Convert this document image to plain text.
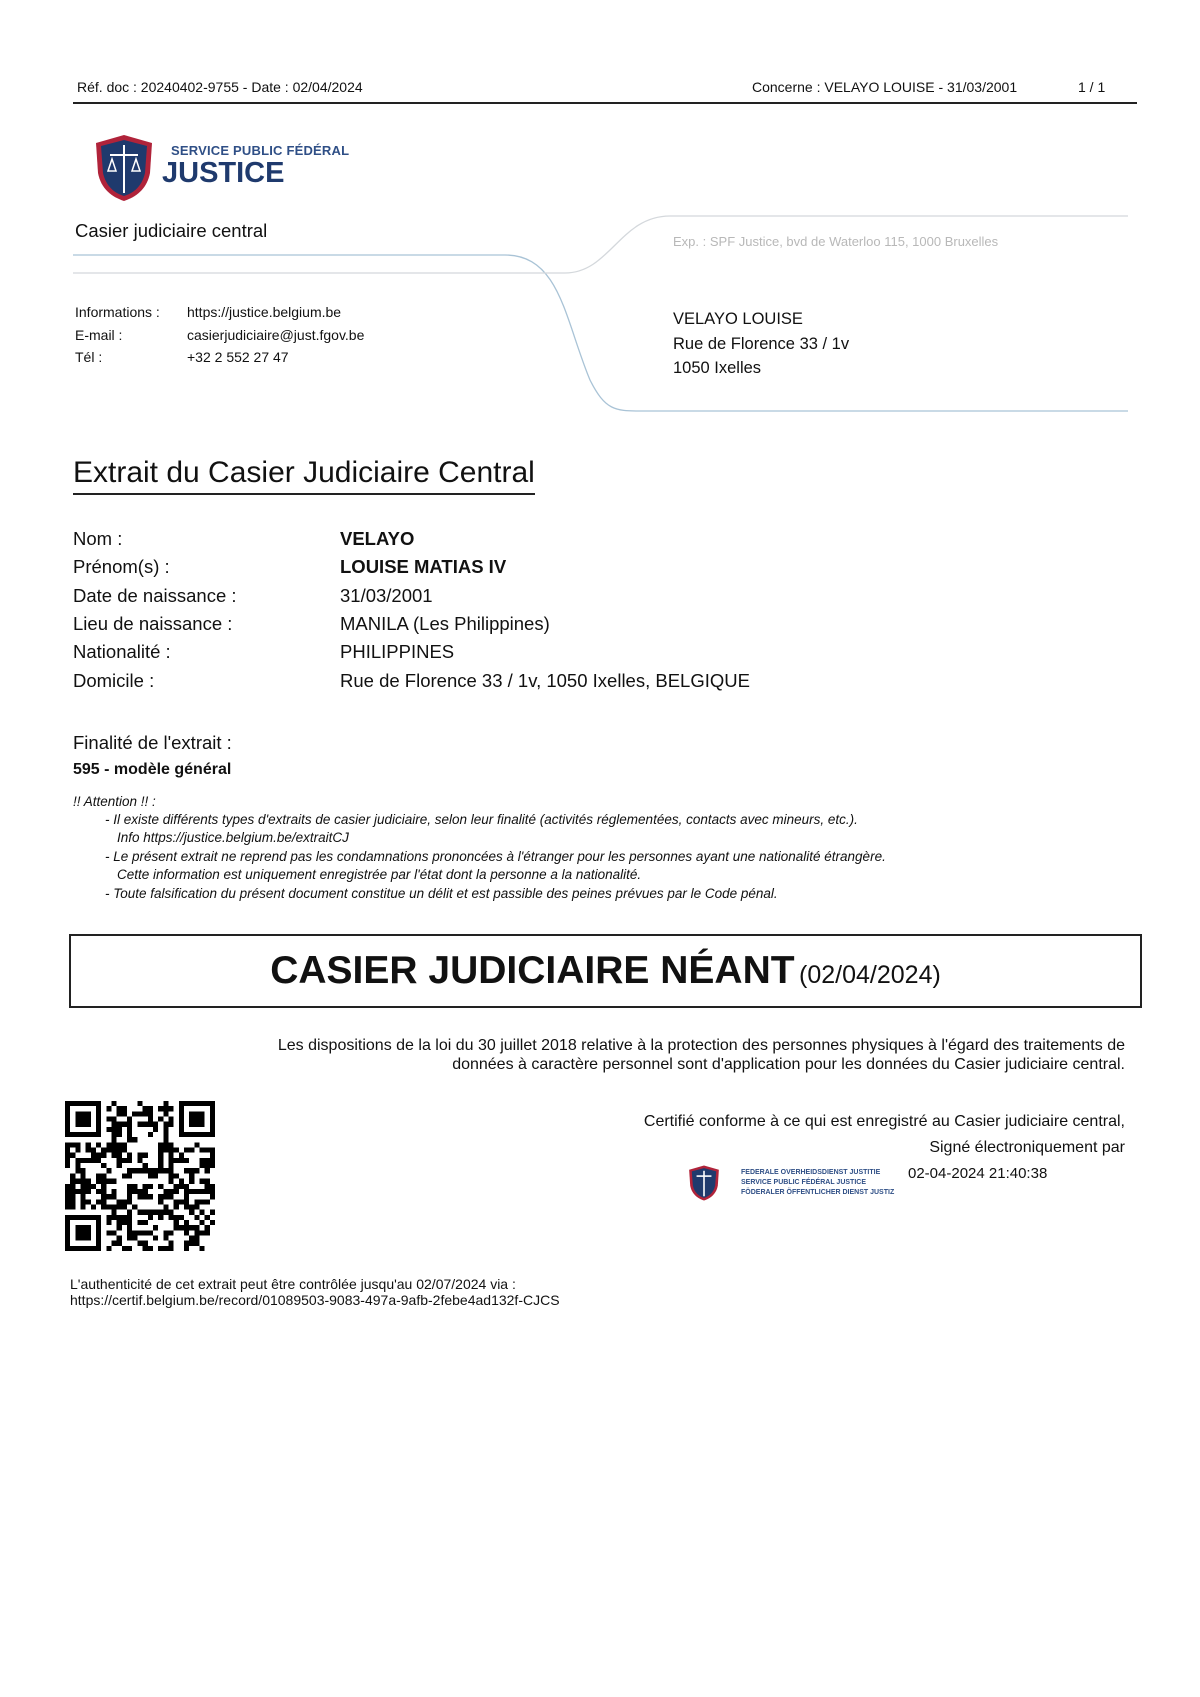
Réf. doc : 20240402-9755 - Date : 02/04/2024	Concerne : VELAYO LOUISE - 31/03/2001	1 / 1
SERVICE PUBLIC FÉDÉRAL
JUSTICE
Casier judiciaire central
Exp. : SPF Justice, bvd de Waterloo 115, 1000 Bruxelles
Informations : https://justice.belgium.be
E-mail :	casierjudiciaire@just.fgov.be
Tél :	+32 2 552 27 47
VELAYO LOUISE
Rue de Florence 33 / 1v
1050 Ixelles
Extrait du Casier Judiciaire Central
Nom :	VELAYO
Prénom(s) :	LOUISE MATIAS IV
Date de naissance :	31/03/2001
Lieu de naissance :	MANILA (Les Philippines)
Nationalité :	PHILIPPINES
Domicile :	Rue de Florence 33 / 1v, 1050 Ixelles, BELGIQUE
Finalité de l'extrait :
595 - modèle général
!! Attention !! :
- Il existe différents types d'extraits de casier judiciaire, selon leur finalité (activités réglementées, contacts avec mineurs, etc.).
Info https://justice.belgium.be/extraitCJ
- Le présent extrait ne reprend pas les condamnations prononcées à l'étranger pour les personnes ayant une nationalité étrangère.
Cette information est uniquement enregistrée par l'état dont la personne a la nationalité.
- Toute falsification du présent document constitue un délit et est passible des peines prévues par le Code pénal.
CASIER JUDICIAIRE NÉANT (02/04/2024)
Les dispositions de la loi du 30 juillet 2018 relative à la protection des personnes physiques à l'égard des traitements de
données à caractère personnel sont d'application pour les données du Casier judiciaire central.
Certifié conforme à ce qui est enregistré au Casier judiciaire central,
Signé électroniquement par
FEDERALE OVERHEIDSDIENST JUSTITIE
SERVICE PUBLIC FÉDÉRAL JUSTICE
FÖDERALER ÖFFENTLICHER DIENST JUSTIZ
02-04-2024 21:40:38
L'authenticité de cet extrait peut être contrôlée jusqu'au 02/07/2024 via :
https://certif.belgium.be/record/01089503-9083-497a-9afb-2febe4ad132f-CJCS
